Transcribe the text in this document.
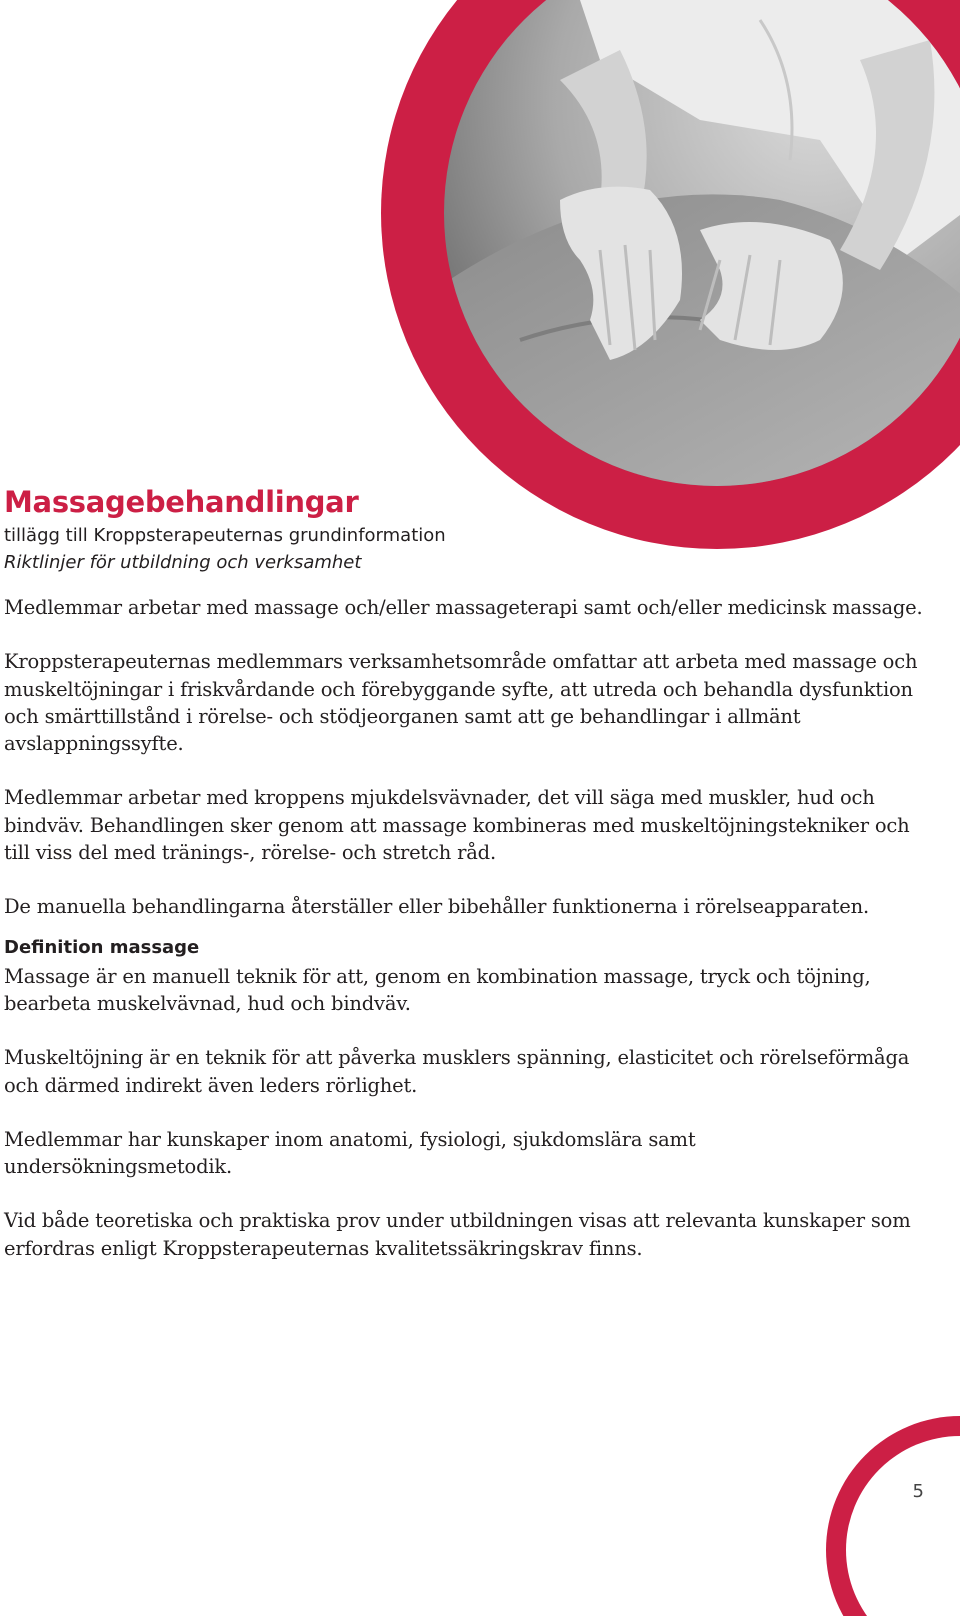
Massagebehandlingar

tillägg till Kroppsterapeuternas grundinformation

Riktlinjer för utbildning och verksamhet

Medlemmar arbetar med massage och/eller massageterapi samt och/eller medicinsk massage.

Kroppsterapeuternas medlemmars verksamhetsområde omfattar att arbeta med massage och muskeltöjningar i friskvårdande och förebyggande syfte, att utreda och behandla dysfunktion och smärttillstånd i rörelse- och stödjeorganen samt att ge behandlingar i allmänt avslappningssyfte.

Medlemmar arbetar med kroppens mjukdelsvävnader, det vill säga med muskler, hud och bindväv. Behandlingen sker genom att massage kombineras med muskeltöjningstekniker och till viss del med tränings-, rörelse- och stretch råd.

De manuella behandlingarna återställer eller bibehåller funktionerna i rörelseapparaten.

Definition massage

Massage är en manuell teknik för att, genom en kombination massage, tryck och töjning, bearbeta muskelvävnad, hud och bindväv.

Muskeltöjning är en teknik för att påverka musklers spänning, elasticitet och rörelseförmåga och därmed indirekt även leders rörlighet.

Medlemmar har kunskaper inom anatomi, fysiologi, sjukdomslära samt undersökningsmetodik.

Vid både teoretiska och praktiska prov under utbildningen visas att relevanta kunskaper som erfordras enligt Kroppsterapeuternas kvalitetssäkringskrav finns.

5
